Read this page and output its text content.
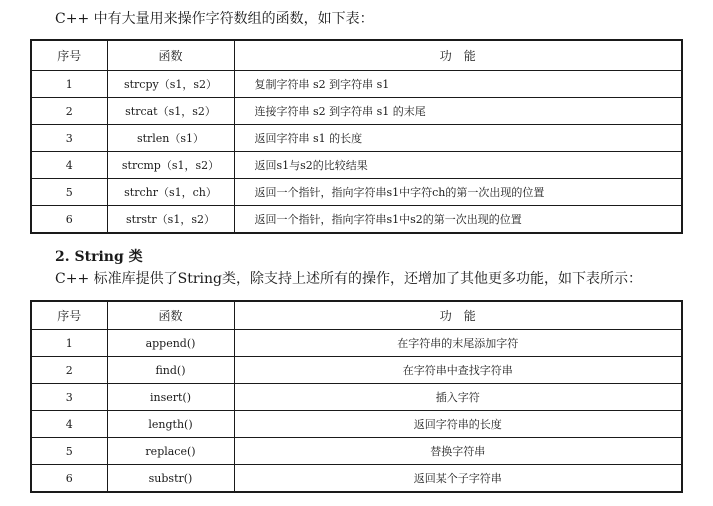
C++ 中有大量用来操作字符数组的函数，如下表：
序号	函数	功　能
1	strcpy（s1，s2）	复制字符串 s2 到字符串 s1
2	strcat（s1，s2）	连接字符串 s2 到字符串 s1 的末尾
3	strlen（s1）	返回字符串 s1 的长度
4	strcmp（s1，s2）	返回s1与s2的比较结果
5	strchr（s1，ch）	返回一个指针，指向字符串s1中字符ch的第一次出现的位置
6	strstr（s1，s2）	返回一个指针，指向字符串s1中s2的第一次出现的位置
2. String 类
C++ 标准库提供了String类，除支持上述所有的操作，还增加了其他更多功能，如下表所示：
序号	函数	功　能
1	append()	在字符串的末尾添加字符
2	find()	在字符串中查找字符串
3	insert()	插入字符
4	length()	返回字符串的长度
5	replace()	替换字符串
6	substr()	返回某个子字符串
